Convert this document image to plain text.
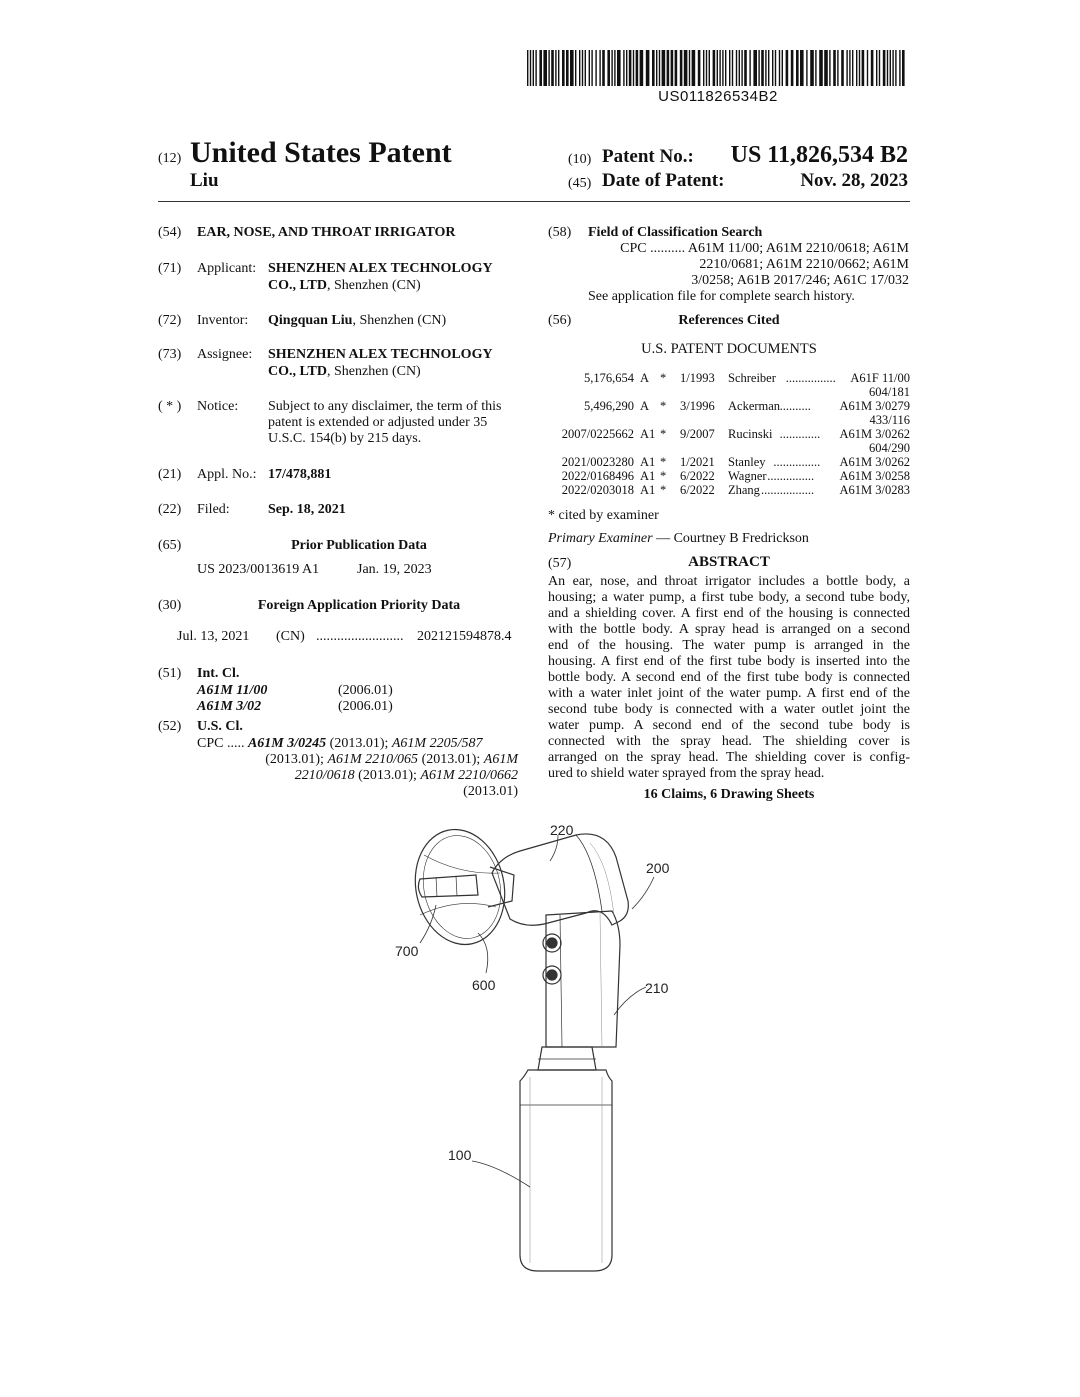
US011826534B2
(12) United States Patent
Liu
(10) Patent No.:	US 11,826,534 B2
(45) Date of Patent:	Nov. 28, 2023
(54) EAR, NOSE, AND THROAT IRRIGATOR
(71) Applicant: SHENZHEN ALEX TECHNOLOGY
CO., LTD, Shenzhen (CN)
(72) Inventor: Qingquan Liu, Shenzhen (CN)
(73) Assignee: SHENZHEN ALEX TECHNOLOGY
CO., LTD, Shenzhen (CN)
( * ) Notice: Subject to any disclaimer, the term of this
patent is extended or adjusted under 35
U.S.C. 154(b) by 215 days.
(21) Appl. No.: 17/478,881
(22) Filed:	Sep. 18, 2021
(65)	Prior Publication Data
US 2023/0013619 A1	Jan. 19, 2023
(30)	Foreign Application Priority Data
Jul. 13, 2021 (CN) ......................... 202121594878.4
(51) Int. Cl.
A61M 11/00	(2006.01)
A61M 3/02	(2006.01)
(52) U.S. Cl.
CPC ..... A61M 3/0245 (2013.01); A61M 2205/587
(2013.01); A61M 2210/065 (2013.01); A61M
2210/0618 (2013.01); A61M 2210/0662
(2013.01)
(58) Field of Classification Search
CPC .......... A61M 11/00; A61M 2210/0618; A61M
2210/0681; A61M 2210/0662; A61M
3/0258; A61B 2017/246; A61C 17/032
See application file for complete search history.
(56)	References Cited
U.S. PATENT DOCUMENTS
5,176,654 A * 1/1993 Schreiber	A61F 11/00
................
604/181
5,496,290 A * 3/1996 Ackerman	A61M 3/0279
..........
433/116
2007/0225662 A1 * 9/2007 Rucinski	A61M 3/0262
.............
604/290
2021/0023280 A1 * 1/2021 Stanley	A61M 3/0262
...............
2022/0168496 A1 * 6/2022 Wagner	A61M 3/0258
...............
2022/0203018 A1 * 6/2022 Zhang	A61M 3/0283
.................
* cited by examiner
Primary Examiner — Courtney B Fredrickson
(57)	ABSTRACT
An ear, nose, and throat irrigator includes a bottle body, a
housing; a water pump, a first tube body, a second tube body,
and a shielding cover. A first end of the housing is connected
with the bottle body. A spray head is arranged on a second
end of the housing. The water pump is arranged in the
housing. A first end of the first tube body is inserted into the
bottle body. A second end of the first tube body is connected
with a water inlet joint of the water pump. A first end of the
second tube body is connected with a water outlet joint the
water pump. A second end of the second tube body is
connected with the spray head. The shielding cover is
arranged on the spray head. The shielding cover is config-
ured to shield water sprayed from the spray head.
16 Claims, 6 Drawing Sheets
220
200
700
600	210
100
